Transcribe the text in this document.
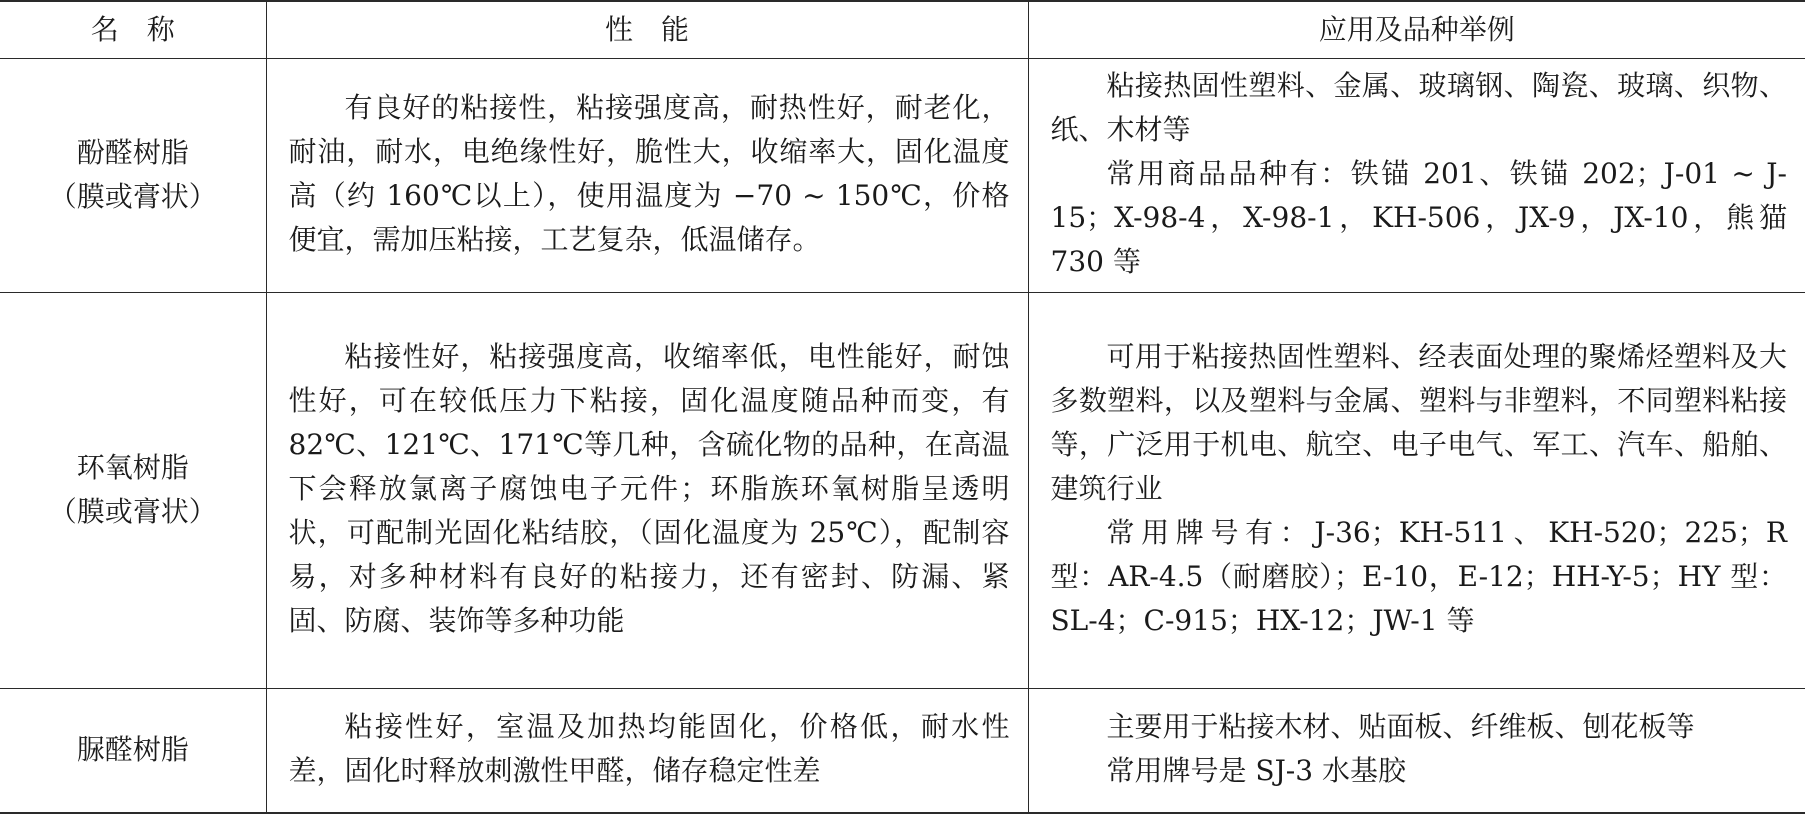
名　称	性　能	应用及品种举例

酚醛树脂
（膜或膏状）	有良好的粘接性，粘接强度高，耐热性好，耐老化，耐油，耐水，电绝缘性好，脆性大，收缩率大，固化温度高（约 160℃以上），使用温度为 −70 ~ 150℃，价格便宜，需加压粘接，工艺复杂，低温储存。	粘接热固性塑料、金属、玻璃钢、陶瓷、玻璃、织物、纸、木材等
常用商品品种有：铁锚 201、铁锚 202；J-01 ~ J-15；X-98-4，X-98-1，KH-506，JX-9，JX-10，熊猫 730 等

环氧树脂
（膜或膏状）	粘接性好，粘接强度高，收缩率低，电性能好，耐蚀性好，可在较低压力下粘接，固化温度随品种而变，有 82℃、121℃、171℃等几种，含硫化物的品种，在高温下会释放氯离子腐蚀电子元件；环脂族环氧树脂呈透明状，可配制光固化粘结胶，（固化温度为 25℃），配制容易，对多种材料有良好的粘接力，还有密封、防漏、紧固、防腐、装饰等多种功能	可用于粘接热固性塑料、经表面处理的聚烯烃塑料及大多数塑料，以及塑料与金属、塑料与非塑料，不同塑料粘接等，广泛用于机电、航空、电子电气、军工、汽车、船舶、建筑行业
常用牌号有：J-36；KH-511、KH-520；225；R 型：AR-4.5（耐磨胶）；E-10，E-12；HH-Y-5；HY 型：SL-4；C-915；HX-12；JW-1 等

脲醛树脂	粘接性好，室温及加热均能固化，价格低，耐水性差，固化时释放刺激性甲醛，储存稳定性差	主要用于粘接木材、贴面板、纤维板、刨花板等
常用牌号是 SJ-3 水基胶
